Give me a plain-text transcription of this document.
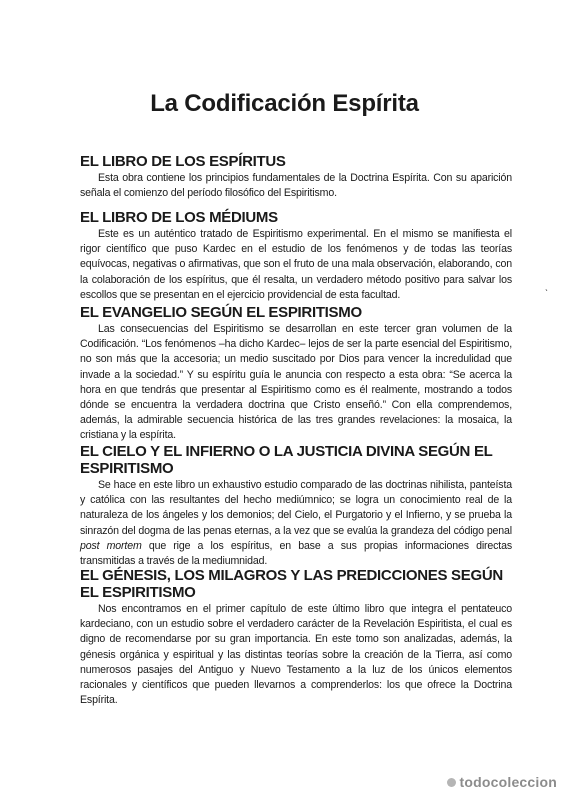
La Codificación Espírita
EL LIBRO DE LOS ESPÍRITUS

Esta obra contiene los principios fundamentales de la Doctrina Espírita. Con su aparición señala el comienzo del período filosófico del Espiritismo.

EL LIBRO DE LOS MÉDIUMS

Este es un auténtico tratado de Espiritismo experimental. En el mismo se manifiesta el rigor científico que puso Kardec en el estudio de los fenómenos y de todas las teorías equívocas, negativas o afirmativas, que son el fruto de una mala observación, elaborando, con la colaboración de los espíritus, que él resalta, un verdadero método positivo para salvar los escollos que se presentan en el ejercicio providencial de esta facultad.

EL EVANGELIO SEGÚN EL ESPIRITISMO

Las consecuencias del Espiritismo se desarrollan en este tercer gran volumen de la Codificación. “Los fenómenos –ha dicho Kardec– lejos de ser la parte esencial del Espiritismo, no son más que la accesoria; un medio suscitado por Dios para vencer la incredulidad que invade a la sociedad.” Y su espíritu guía le anuncia con respecto a esta obra: “Se acerca la hora en que tendrás que presentar al Espiritismo como es él realmente, mostrando a todos dónde se encuentra la verdadera doctrina que Cristo enseñó.” Con ella comprendemos, además, la admirable secuencia histórica de las tres grandes revelaciones: la mosaica, la cristiana y la espírita.

EL CIELO Y EL INFIERNO O LA JUSTICIA DIVINA SEGÚN EL ESPIRITISMO

Se hace en este libro un exhaustivo estudio comparado de las doctrinas nihilista, panteísta y católica con las resultantes del hecho mediúmnico; se logra un conocimiento real de la naturaleza de los ángeles y los demonios; del Cielo, el Purgatorio y el Infierno, y se prueba la sinrazón del dogma de las penas eternas, a la vez que se evalúa la grandeza del código penal post mortem que rige a los espíritus, en base a sus propias informaciones directas transmitidas a través de la mediumnidad.

EL GÉNESIS, LOS MILAGROS Y LAS PREDICCIONES SEGÚN EL ESPIRITISMO

Nos encontramos en el primer capítulo de este último libro que integra el pentateuco kardeciano, con un estudio sobre el verdadero carácter de la Revelación Espiritista, el cual es digno de recomendarse por su gran importancia. En este tomo son analizadas, además, la génesis orgánica y espiritual y las distintas teorías sobre la creación de la Tierra, así como numerosos pasajes del Antiguo y Nuevo Testamento a la luz de los únicos elementos racionales y científicos que pueden llevarnos a comprenderlos: los que ofrece la Doctrina Espírita.

ˎ
todocoleccion
